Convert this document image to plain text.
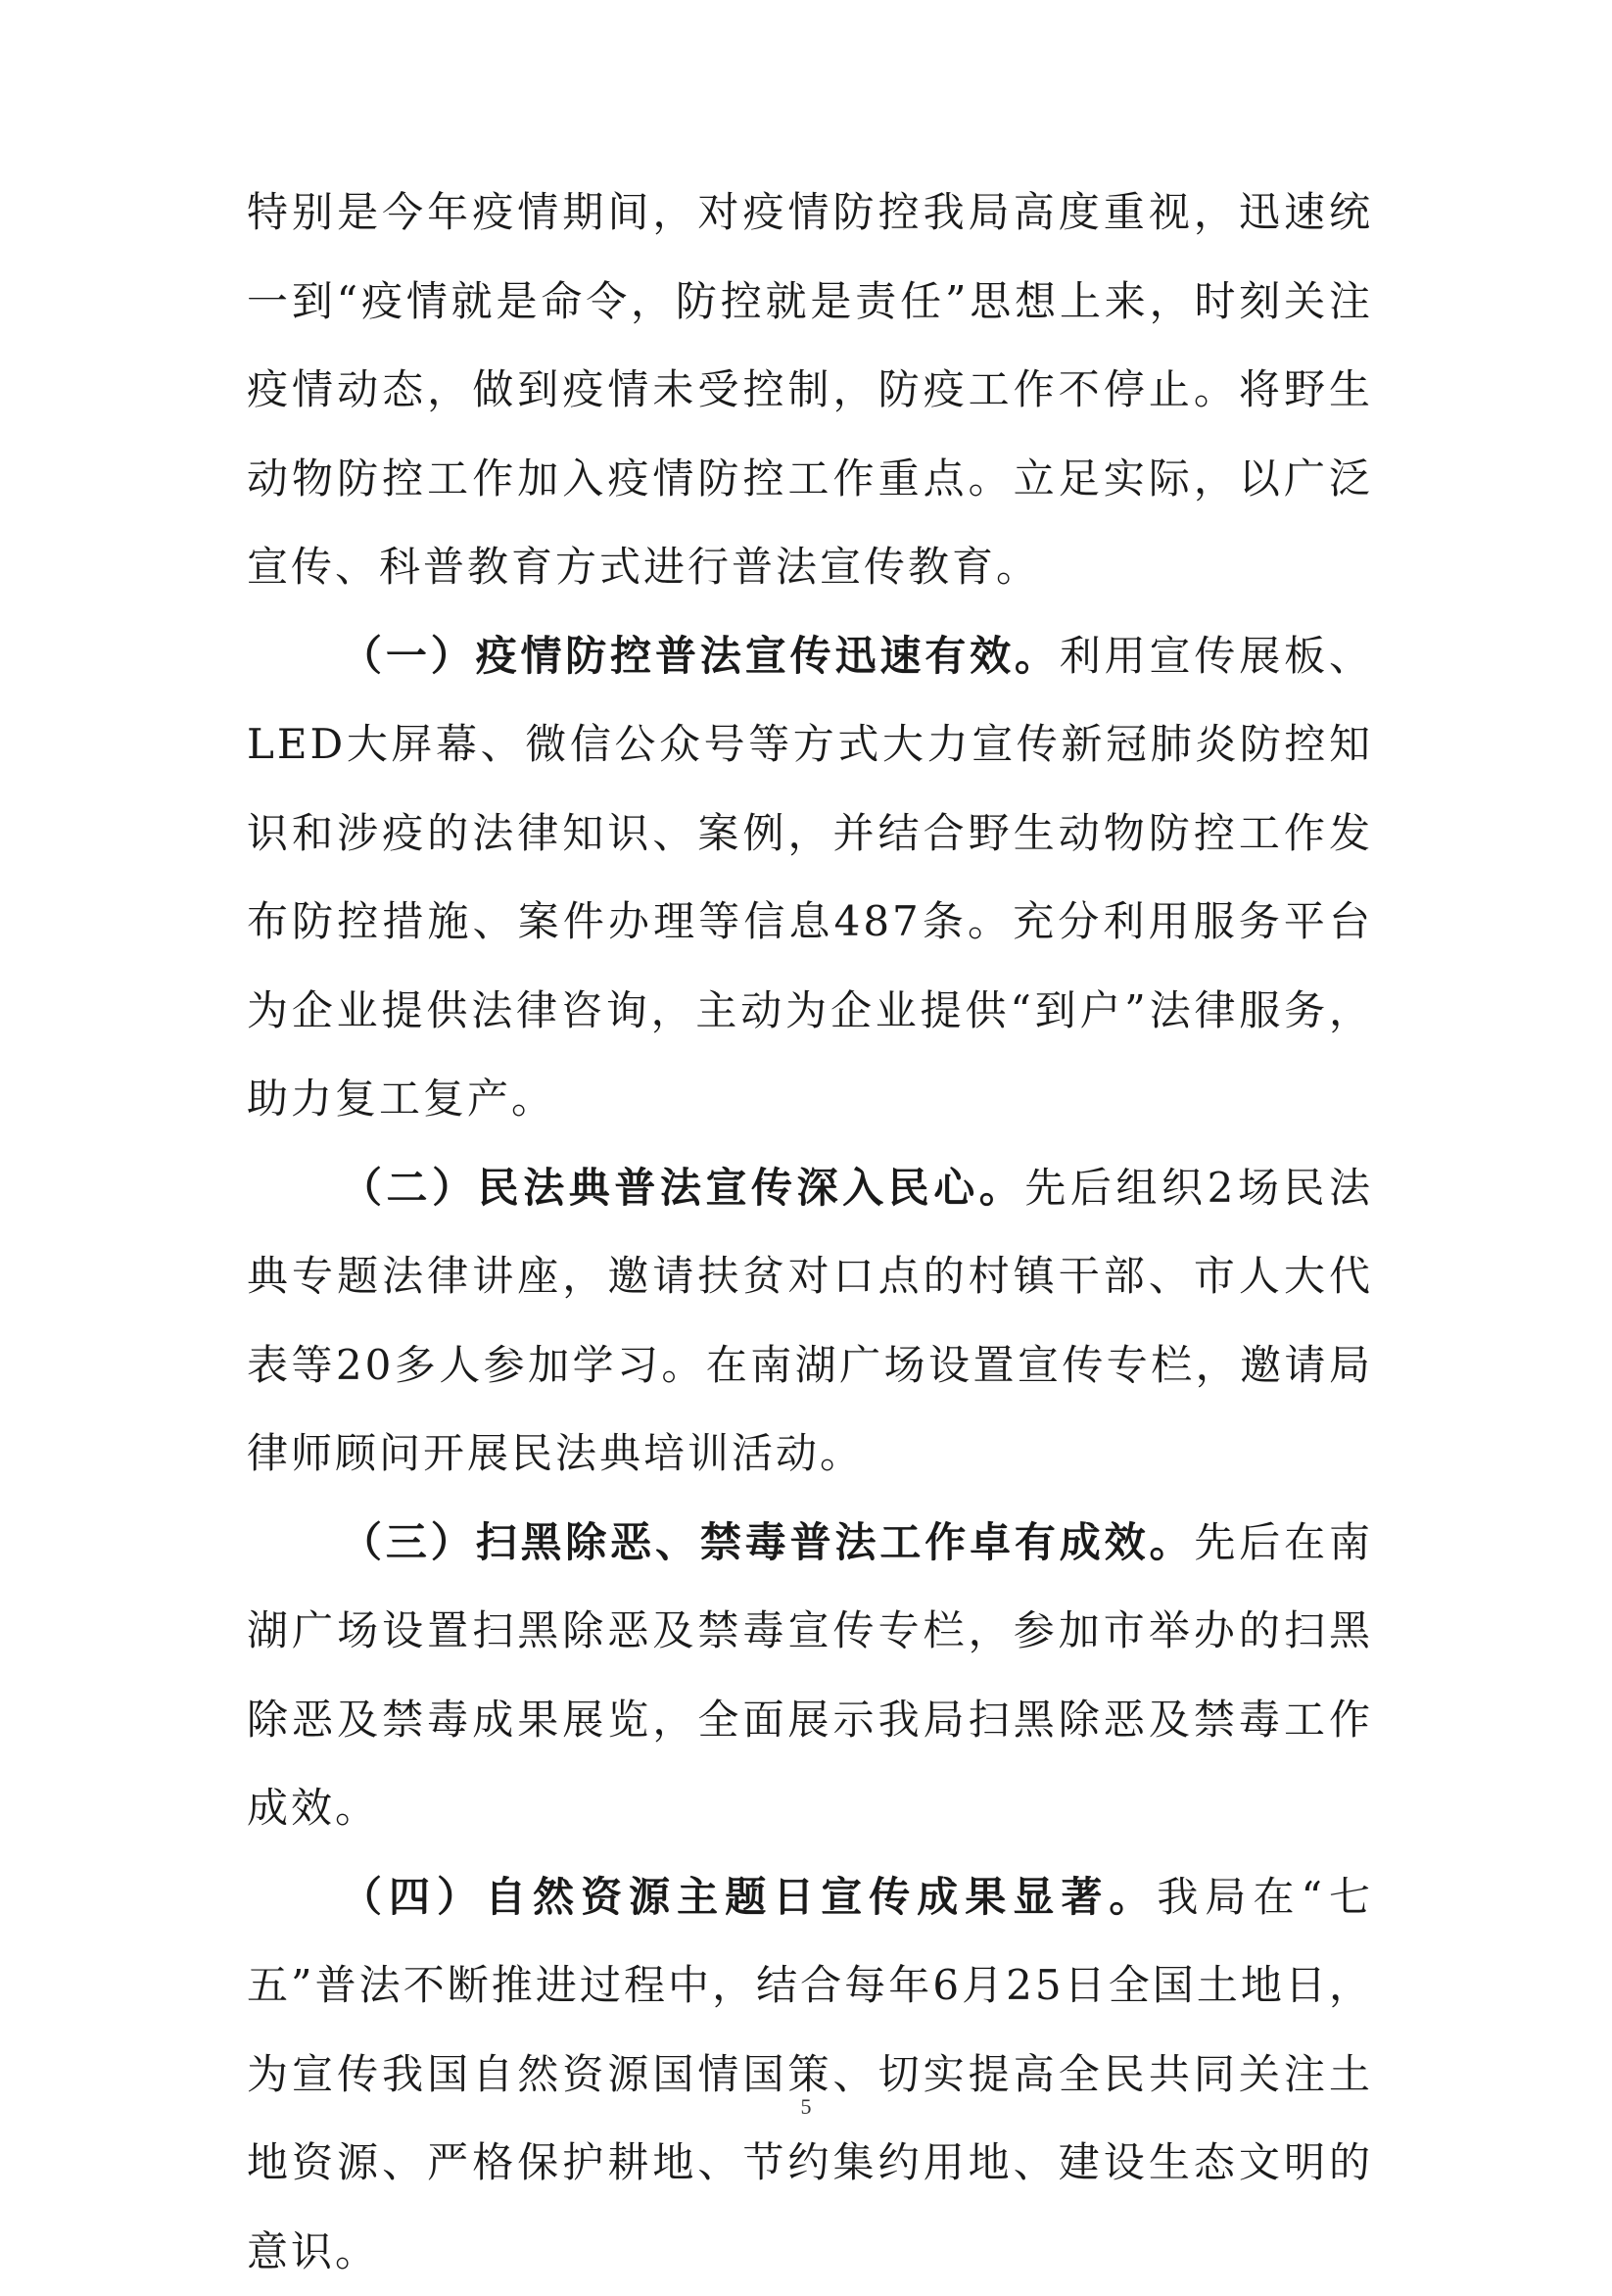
特别是今年疫情期间，对疫情防控我局高度重视，迅速统一到“疫情就是命令，防控就是责任”思想上来，时刻关注疫情动态，做到疫情未受控制，防疫工作不停止。将野生动物防控工作加入疫情防控工作重点。立足实际，以广泛宣传、科普教育方式进行普法宣传教育。

（一）疫情防控普法宣传迅速有效。利用宣传展板、LED大屏幕、微信公众号等方式大力宣传新冠肺炎防控知识和涉疫的法律知识、案例，并结合野生动物防控工作发布防控措施、案件办理等信息487条。充分利用服务平台为企业提供法律咨询，主动为企业提供“到户”法律服务，助力复工复产。

（二）民法典普法宣传深入民心。先后组织2场民法典专题法律讲座，邀请扶贫对口点的村镇干部、市人大代表等20多人参加学习。在南湖广场设置宣传专栏，邀请局律师顾问开展民法典培训活动。

（三）扫黑除恶、禁毒普法工作卓有成效。先后在南湖广场设置扫黑除恶及禁毒宣传专栏，参加市举办的扫黑除恶及禁毒成果展览，全面展示我局扫黑除恶及禁毒工作成效。

（四）自然资源主题日宣传成果显著。我局在“七五”普法不断推进过程中，结合每年6月25日全国土地日，为宣传我国自然资源国情国策、切实提高全民共同关注土地资源、严格保护耕地、节约集约用地、建设生态文明的意识。

5
